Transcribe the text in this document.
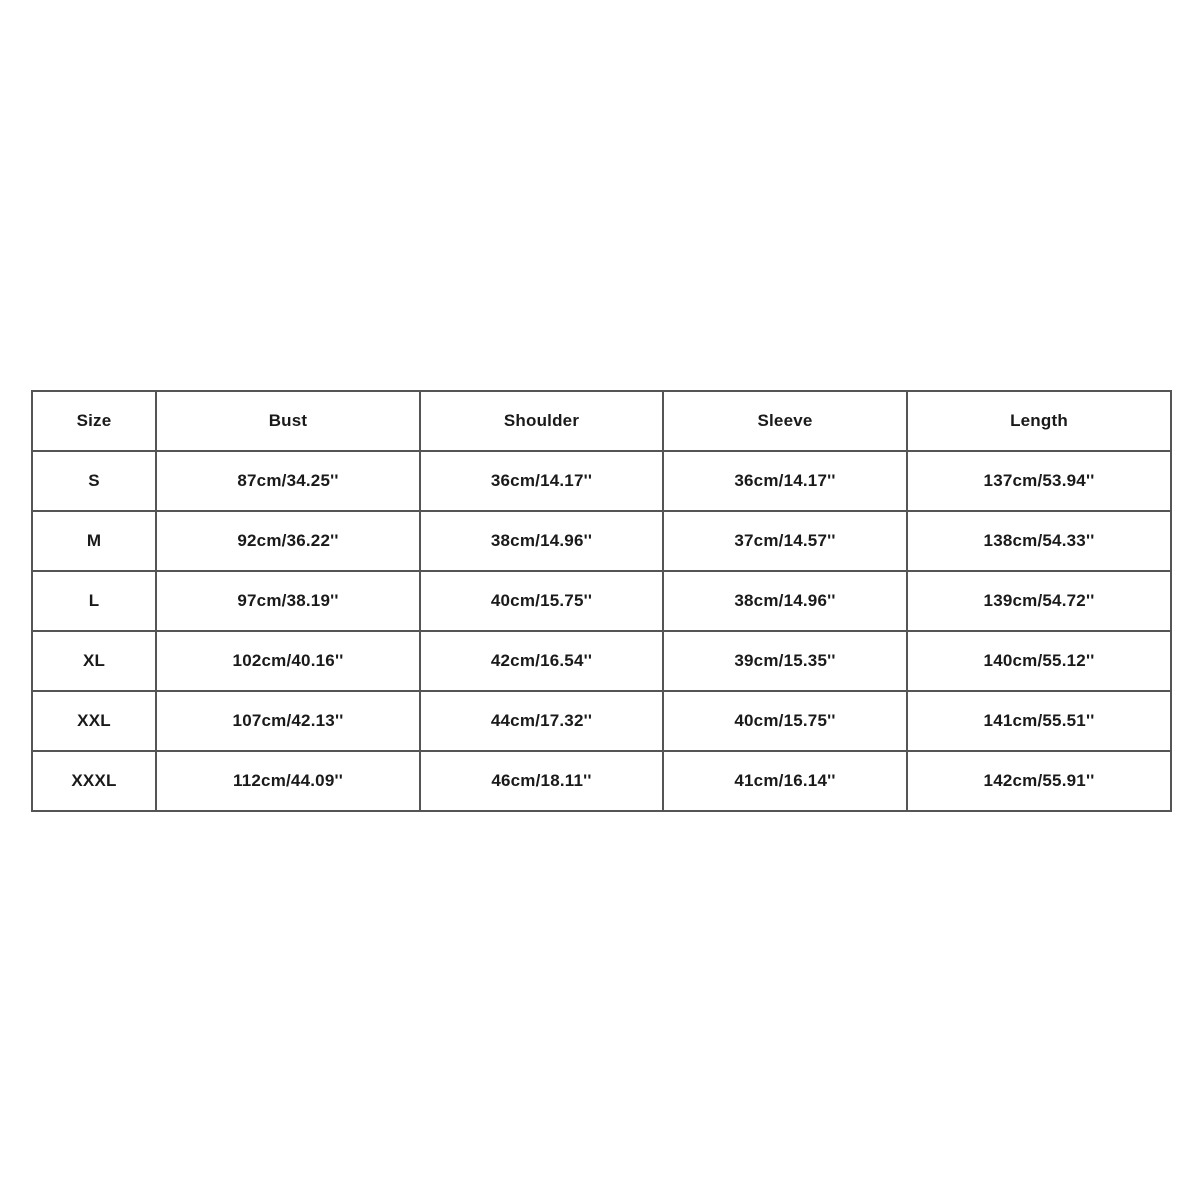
Size	Bust	Shoulder	Sleeve	Length
S	87cm/34.25''	36cm/14.17''	36cm/14.17''	137cm/53.94''
M	92cm/36.22''	38cm/14.96''	37cm/14.57''	138cm/54.33''
L	97cm/38.19''	40cm/15.75''	38cm/14.96''	139cm/54.72''
XL	102cm/40.16''	42cm/16.54''	39cm/15.35''	140cm/55.12''
XXL	107cm/42.13''	44cm/17.32''	40cm/15.75''	141cm/55.51''
XXXL	112cm/44.09''	46cm/18.11''	41cm/16.14''	142cm/55.91''
